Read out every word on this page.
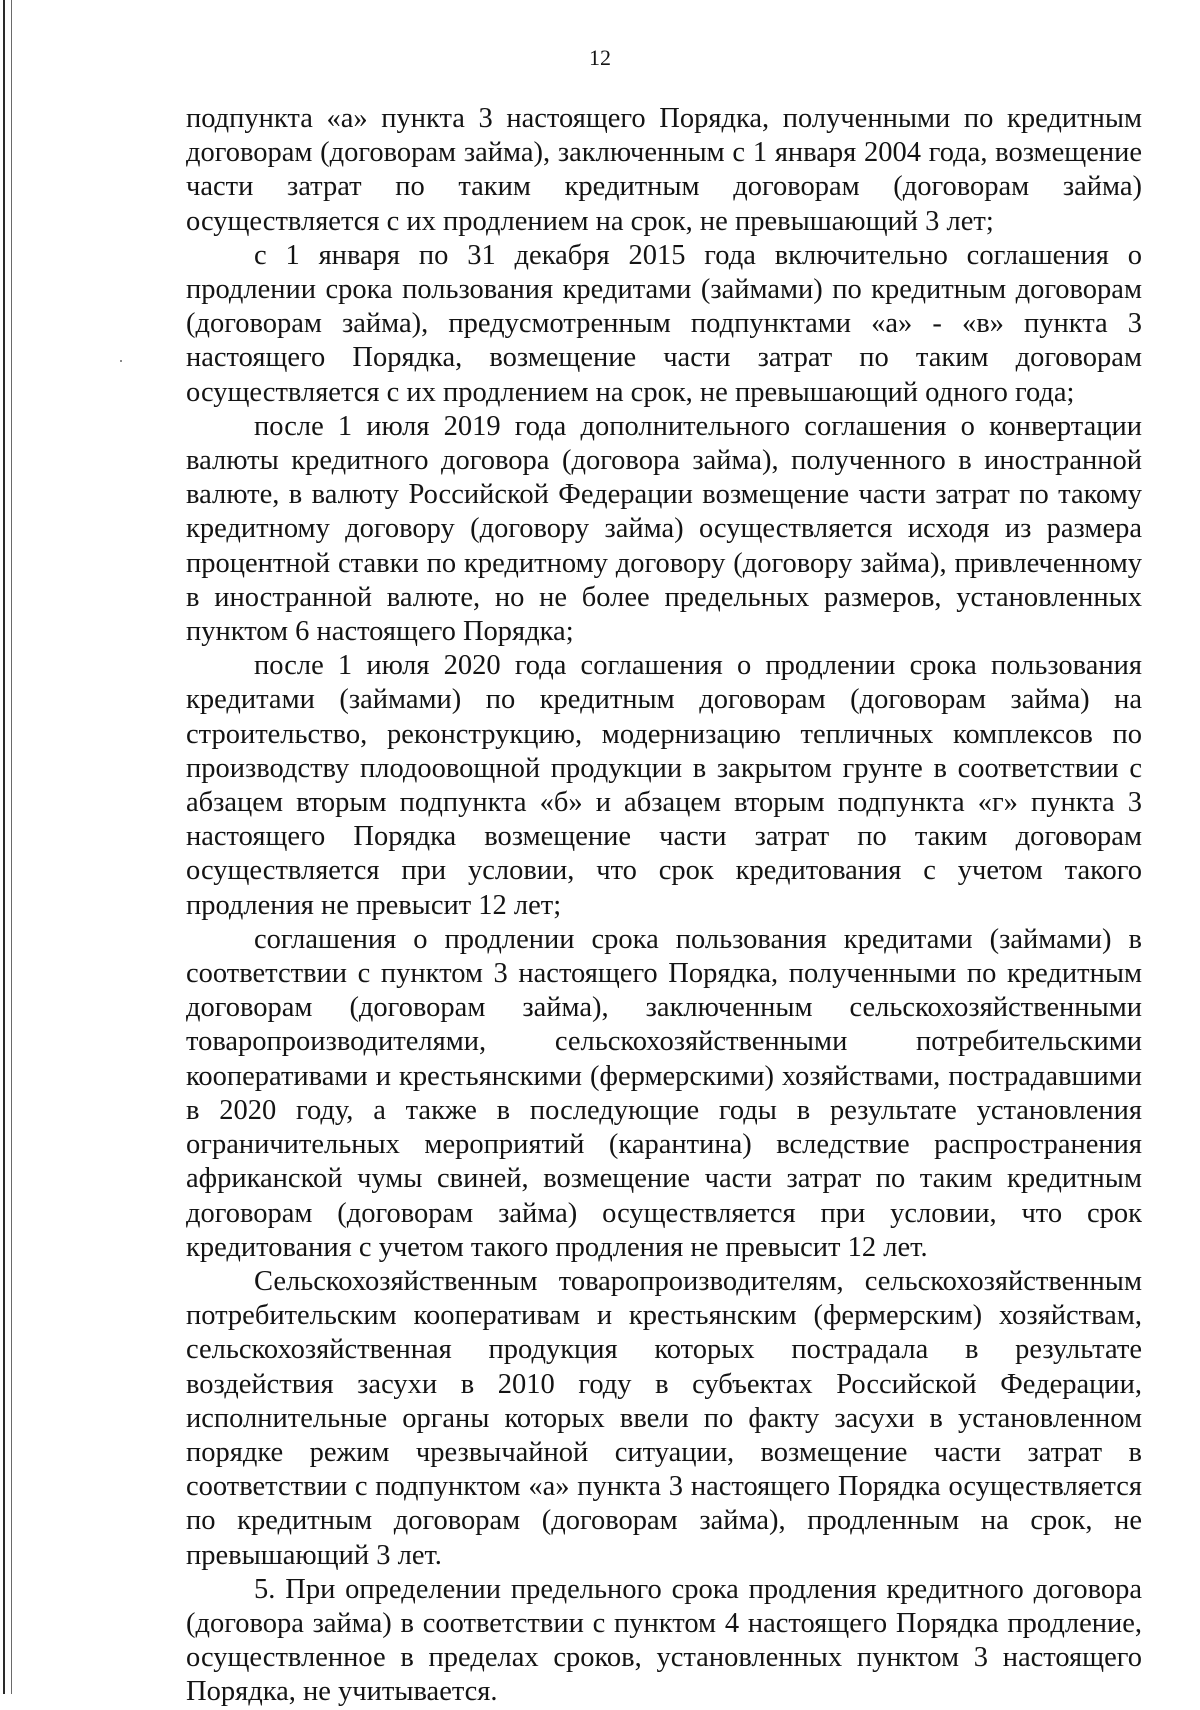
12

подпункта «а» пункта 3 настоящего Порядка, полученными по кредитным договорам (договорам займа), заключенным с 1 января 2004 года, возмещение части затрат по таким кредитным договорам (договорам займа) осуществляется с их продлением на срок, не превышающий 3 лет;

с 1 января по 31 декабря 2015 года включительно соглашения о продлении срока пользования кредитами (займами) по кредитным договорам (договорам займа), предусмотренным подпунктами «а» - «в» пункта 3 настоящего Порядка, возмещение части затрат по таким договорам осуществляется с их продлением на срок, не превышающий одного года;

после 1 июля 2019 года дополнительного соглашения о конвертации валюты кредитного договора (договора займа), полученного в иностранной валюте, в валюту Российской Федерации возмещение части затрат по такому кредитному договору (договору займа) осуществляется исходя из размера процентной ставки по кредитному договору (договору займа), привлеченному в иностранной валюте, но не более предельных размеров, установленных пунктом 6 настоящего Порядка;

после 1 июля 2020 года соглашения о продлении срока пользования кредитами (займами) по кредитным договорам (договорам займа) на строительство, реконструкцию, модернизацию тепличных комплексов по производству плодоовощной продукции в закрытом грунте в соответствии с абзацем вторым подпункта «б» и абзацем вторым подпункта «г» пункта 3 настоящего Порядка возмещение части затрат по таким договорам осуществляется при условии, что срок кредитования с учетом такого продления не превысит 12 лет;

соглашения о продлении срока пользования кредитами (займами) в соответствии с пунктом 3 настоящего Порядка, полученными по кредитным договорам (договорам займа), заключенным сельскохозяйственными товаропроизводителями, сельскохозяйственными потребительскими кооперативами и крестьянскими (фермерскими) хозяйствами, пострадавшими в 2020 году, а также в последующие годы в результате установления ограничительных мероприятий (карантина) вследствие распространения африканской чумы свиней, возмещение части затрат по таким кредитным договорам (договорам займа) осуществляется при условии, что срок кредитования с учетом такого продления не превысит 12 лет.

Сельскохозяйственным товаропроизводителям, сельскохозяйственным потребительским кооперативам и крестьянским (фермерским) хозяйствам, сельскохозяйственная продукция которых пострадала в результате воздействия засухи в 2010 году в субъектах Российской Федерации, исполнительные органы которых ввели по факту засухи в установленном порядке режим чрезвычайной ситуации, возмещение части затрат в соответствии с подпунктом «а» пункта 3 настоящего Порядка осуществляется по кредитным договорам (договорам займа), продленным на срок, не превышающий 3 лет.

5. При определении предельного срока продления кредитного договора (договора займа) в соответствии с пунктом 4 настоящего Порядка продление, осуществленное в пределах сроков, установленных пунктом 3 настоящего Порядка, не учитывается.
